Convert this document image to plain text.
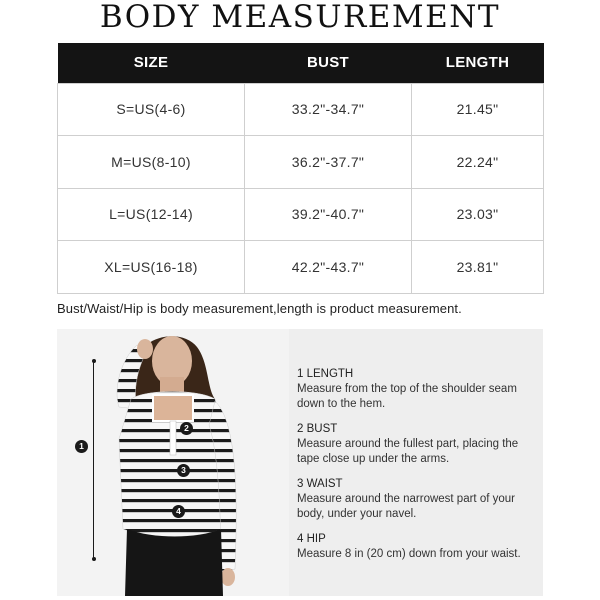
BODY MEASUREMENT
SIZE	BUST	LENGTH
S=US(4-6)	33.2"-34.7"	21.45"
M=US(8-10)	36.2"-37.7"	22.24"
L=US(12-14)	39.2"-40.7"	23.03"
XL=US(16-18)	42.2"-43.7"	23.81"
Bust/Waist/Hip is body measurement,length is product measurement.
1
2
3
4
1 LENGTH
Measure from the top of the shoulder seam down to the hem.
2 BUST
Measure around the fullest part, placing the tape close up under the arms.
3 WAIST
Measure around the narrowest part of your body, under your navel.
4 HIP
Measure 8 in (20 cm) down from your waist.
